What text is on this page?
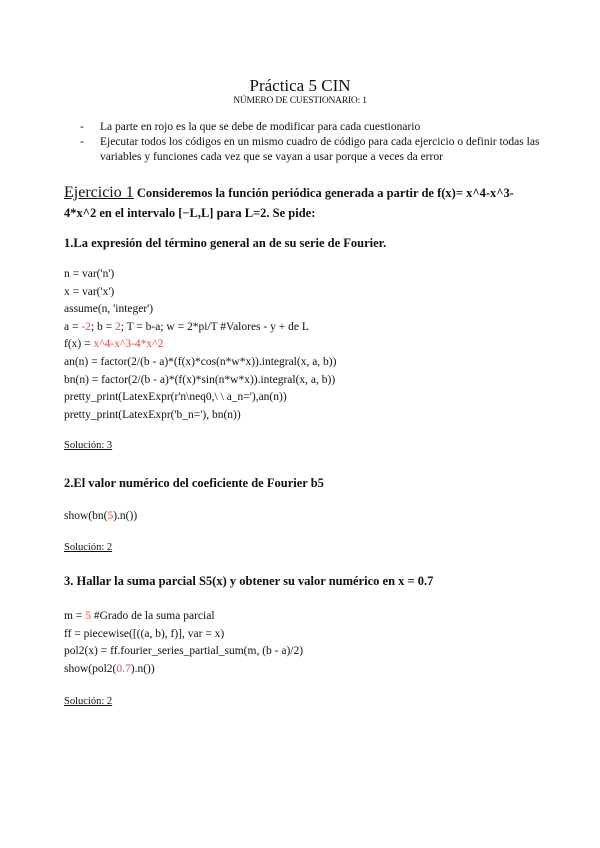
Práctica 5 CIN
NÚMERO DE CUESTIONARIO: 1
-	La parte en rojo es la que se debe de modificar para cada cuestionario
-	Ejecutar todos los códigos en un mismo cuadro de código para cada ejercicio o definir todas las variables y funciones cada vez que se vayan a usar porque a veces da error
Ejercicio 1 Consideremos la función periódica generada a partir de f(x)= x^4-x^3-4*x^2 en el intervalo [−L,L] para L=2. Se pide:
1.La expresión del término general an de su serie de Fourier.
n = var('n')
x = var('x')
assume(n, 'integer')
a = -2; b = 2; T = b-a; w = 2*pi/T #Valores - y + de L
f(x) = x^4-x^3-4*x^2
an(n) = factor(2/(b - a)*(f(x)*cos(n*w*x)).integral(x, a, b))
bn(n) = factor(2/(b - a)*(f(x)*sin(n*w*x)).integral(x, a, b))
pretty_print(LatexExpr(r'n\neq0,\ \ a_n='),an(n))
pretty_print(LatexExpr('b_n='), bn(n))
Solución: 3
2.El valor numérico del coeficiente de Fourier b5
show(bn(5).n())
Solución: 2
3. Hallar la suma parcial S5(x) y obtener su valor numérico en x = 0.7
m = 5 #Grado de la suma parcial
ff = piecewise([((a, b), f)], var = x)
pol2(x) = ff.fourier_series_partial_sum(m, (b - a)/2)
show(pol2(0.7).n())
Solución: 2
